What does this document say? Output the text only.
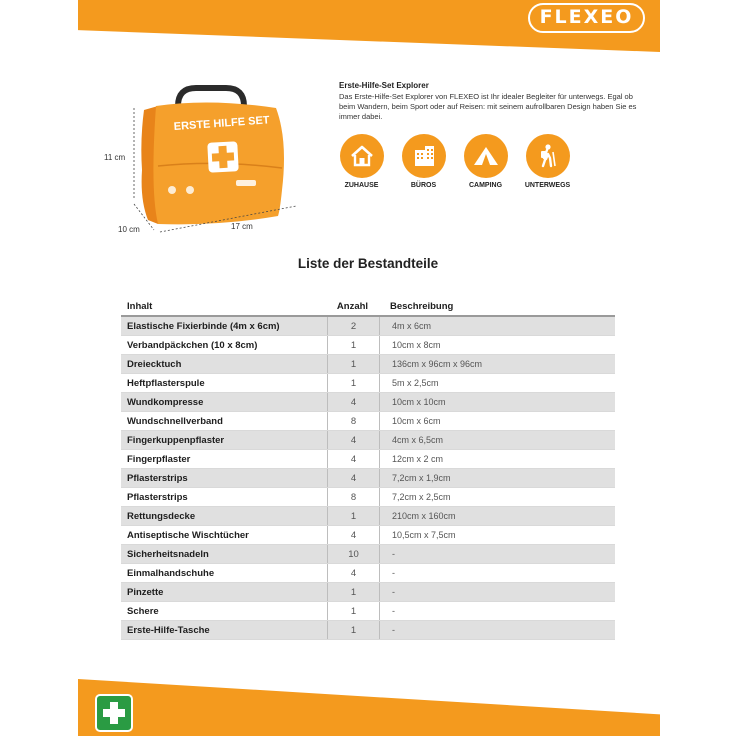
FLEXEO
ERSTE HILFE SET
11 cm
10 cm	17 cm
Erste-Hilfe-Set Explorer
Das Erste-Hilfe-Set Explorer von FLEXEO ist Ihr idealer Begleiter für unterwegs. Egal ob beim Wandern, beim Sport oder auf Reisen: mit seinem aufrollbaren Design haben Sie es immer dabei.
ZUHAUSE	BÜROS	CAMPING	UNTERWEGS
Liste der Bestandteile
Inhalt	Anzahl	Beschreibung
Elastische Fixierbinde (4m x 6cm)	2	4m x 6cm
Verbandpäckchen (10 x 8cm)	1	10cm x 8cm
Dreiecktuch	1	136cm x 96cm x 96cm
Heftpflasterspule	1	5m x 2,5cm
Wundkompresse	4	10cm x 10cm
Wundschnellverband	8	10cm x 6cm
Fingerkuppenpflaster	4	4cm x 6,5cm
Fingerpflaster	4	12cm x 2 cm
Pflasterstrips	4	7,2cm x 1,9cm
Pflasterstrips	8	7,2cm x 2,5cm
Rettungsdecke	1	210cm x 160cm
Antiseptische Wischtücher	4	10,5cm x 7,5cm
Sicherheitsnadeln	10	-
Einmalhandschuhe	4	-
Pinzette	1	-
Schere	1	-
Erste-Hilfe-Tasche	1	-
